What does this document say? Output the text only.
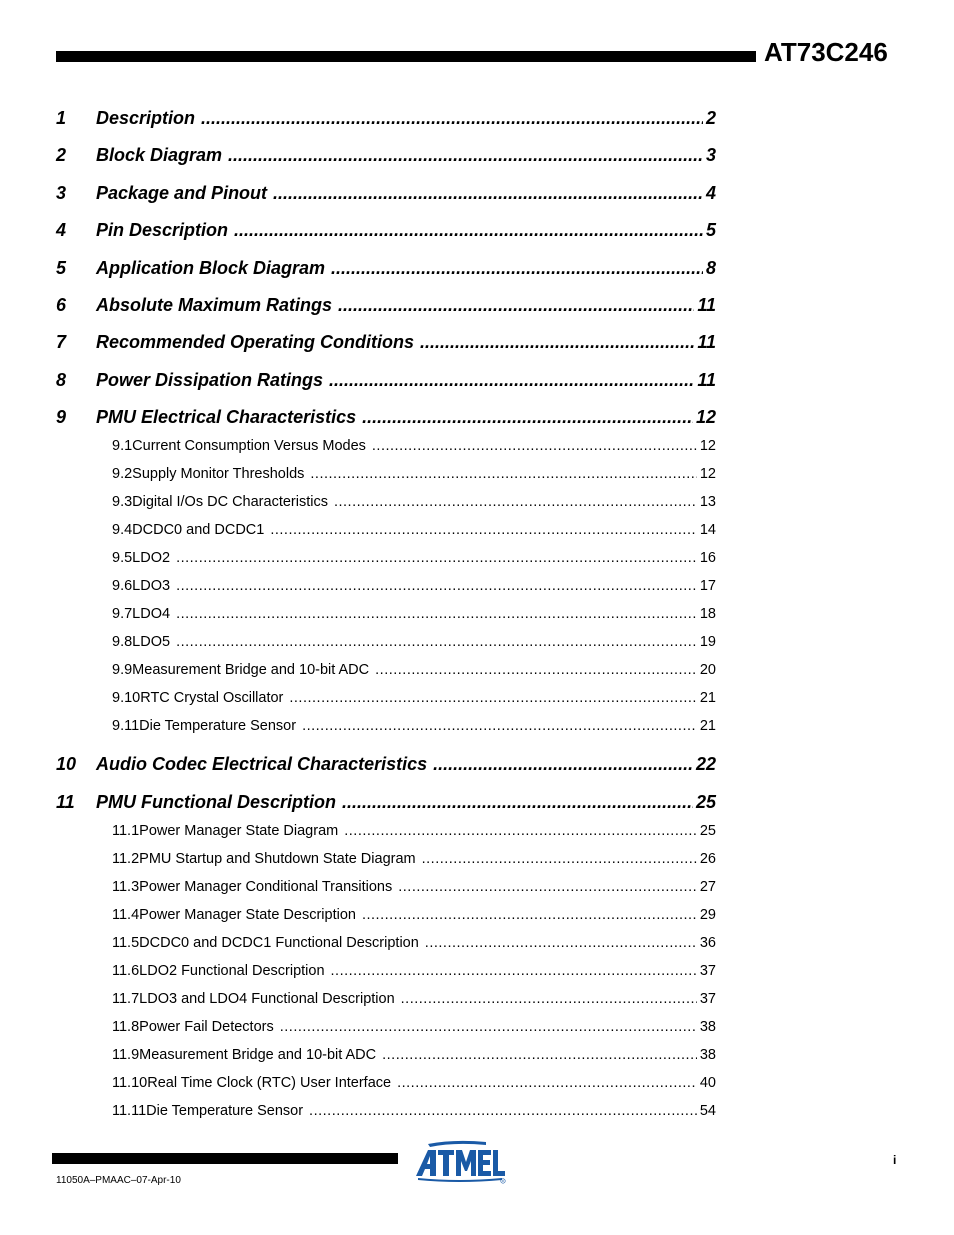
AT73C246
1	Description .....	2
2	Block Diagram .....	3
3	Package and Pinout .....	4
4	Pin Description .....	5
5	Application Block Diagram .....	8
6	Absolute Maximum Ratings .....	11
7	Recommended Operating Conditions .....	11
8	Power Dissipation Ratings .....	11
9	PMU Electrical Characteristics .....	12
9.1 Current Consumption Versus Modes .....	12
9.2 Supply Monitor Thresholds .....	12
9.3 Digital I/Os DC Characteristics .....	13
9.4 DCDC0 and DCDC1 .....	14
9.5 LDO2 .....	16
9.6 LDO3 .....	17
9.7 LDO4 .....	18
9.8 LDO5 .....	19
9.9 Measurement Bridge and 10-bit ADC .....	20
9.10 RTC Crystal Oscillator .....	21
9.11 Die Temperature Sensor .....	21
10	Audio Codec Electrical Characteristics .....	22
11	PMU Functional Description .....	25
11.1 Power Manager State Diagram .....	25
11.2 PMU Startup and Shutdown State Diagram .....	26
11.3 Power Manager Conditional Transitions .....	27
11.4 Power Manager State Description .....	29
11.5 DCDC0 and DCDC1 Functional Description .....	36
11.6 LDO2 Functional Description .....	37
11.7 LDO3 and LDO4 Functional Description .....	37
11.8 Power Fail Detectors .....	38
11.9 Measurement Bridge and 10-bit ADC .....	38
11.10 Real Time Clock (RTC) User Interface .....	40
11.11 Die Temperature Sensor .....	54
11050A–PMAAC–07-Apr-10
i
R
